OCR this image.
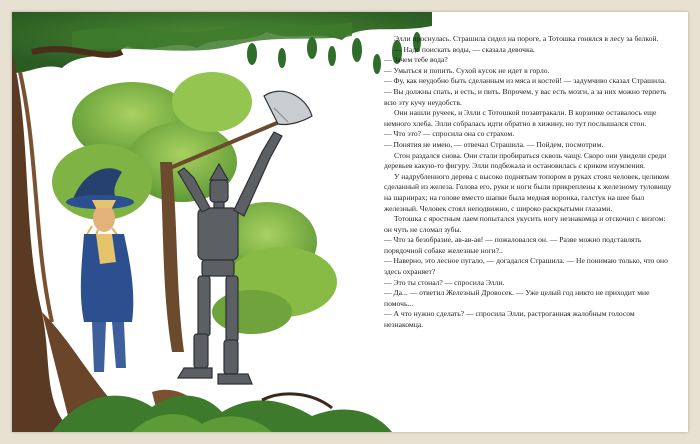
Элли проснулась. Страшила сидел на пороге, а Тотошка гонялся в лесу за белкой.

— Надо поискать воды, — сказала девочка.

— Зачем тебе вода?

— Умыться и попить. Сухой кусок не идет в горло.

— Фу, как неудобно быть сделанным из мяса и костей! — задумчиво сказал Страшила. — Вы должны спать, и есть, и пить. Впрочем, у вас есть мозги, а за них можно терпеть всю эту кучу неудобств.

Они нашли ручеек, и Элли с Тотошкой позавтракали. В корзинке оставалось еще немного хлеба. Элли собралась идти обратно в хижину, но тут послышался стон.

— Что это? — спросила она со страхом.

— Понятия не имею, — отвечал Страшила. — Пойдем, посмотрим.

Стон раздался снова. Они стали пробираться сквозь чащу. Скоро они увидели среди деревьев какую-то фигуру. Элли подбежала и остановилась с криком изумления.

У надрубленного дерева с высоко поднятым топором в руках стоял человек, целиком сделанный из железа. Голова его, руки и ноги были прикреплены к железному туловищу на шарнирах; на голове вместо шапки была медная воронка, галстук на шее был железный. Человек стоял неподвижно, с широко раскрытыми глазами.

Тотошка с яростным лаем попытался укусить ногу незнакомца и отскочил с визгом: он чуть не сломал зубы.

— Что за безобразие, ав-ав-ав! — пожаловался он. — Разве можно подставлять порядочной собаке железные ноги?..

— Наверно, это лесное пугало, — догадался Страшила. — Не понимаю только, что оно здесь охраняет?

— Это ты стонал? — спросила Элли.

— Да... — ответил Железный Дровосек. — Уже целый год никто не приходит мне помочь...

— А что нужно сделать? — спросила Элли, растроганная жалобным голосом незнакомца.
